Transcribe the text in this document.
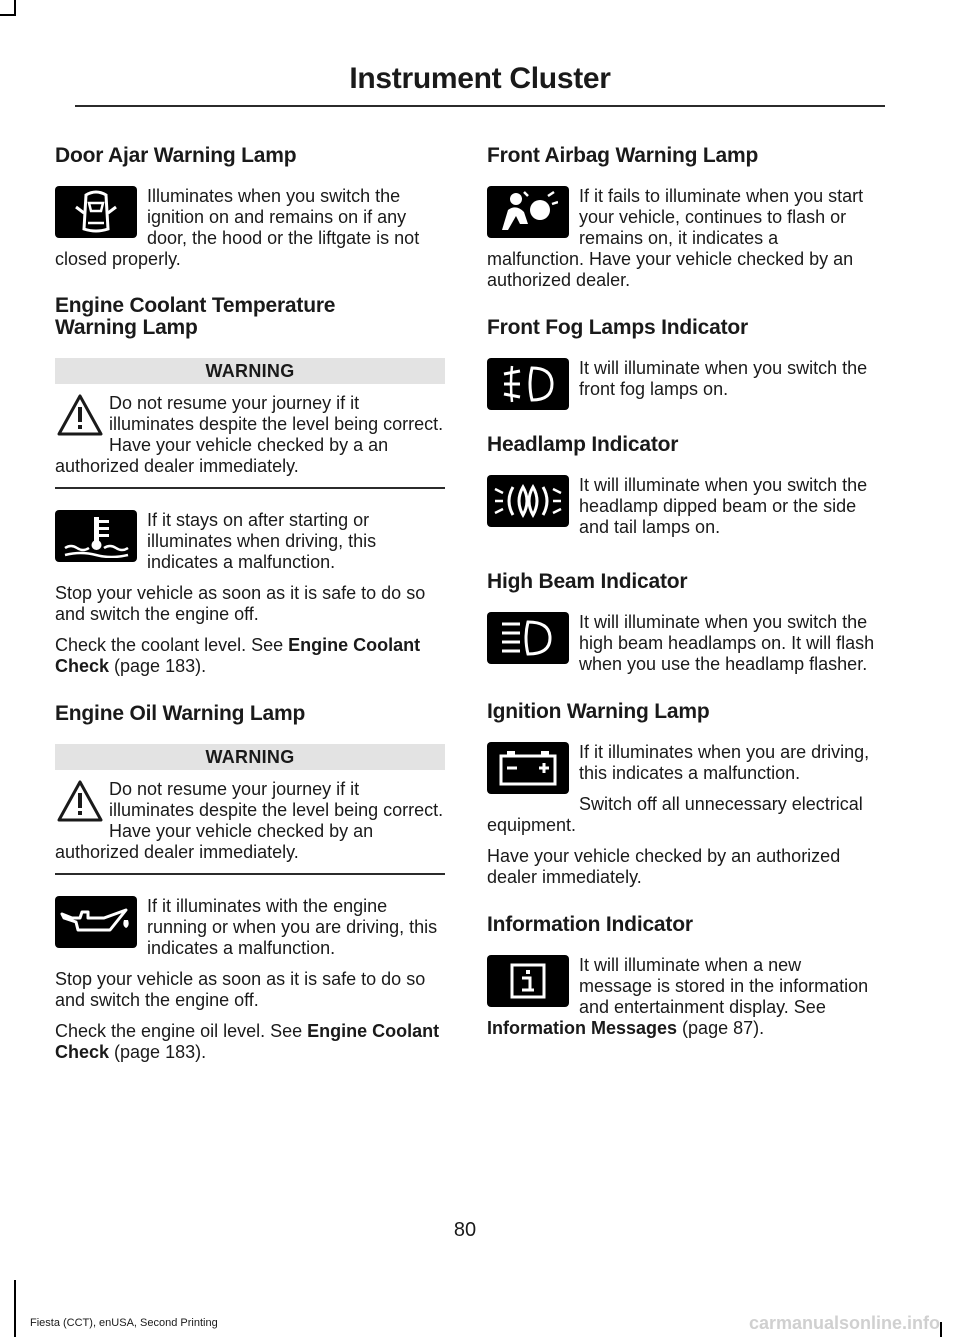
Instrument Cluster
Door Ajar Warning Lamp

Illuminates when you switch the ignition on and remains on if any door, the hood or the liftgate is not closed properly.

Engine Coolant Temperature
Warning Lamp
WARNING

Do not resume your journey if it illuminates despite the level being correct. Have your vehicle checked by a an authorized dealer immediately.

If it stays on after starting or illuminates when driving, this indicates a malfunction.

Stop your vehicle as soon as it is safe to do so and switch the engine off.

Check the coolant level. See Engine Coolant Check (page 183).

Engine Oil Warning Lamp
WARNING

Do not resume your journey if it illuminates despite the level being correct. Have your vehicle checked by an authorized dealer immediately.

If it illuminates with the engine running or when you are driving, this indicates a malfunction.

Stop your vehicle as soon as it is safe to do so and switch the engine off.

Check the engine oil level. See Engine Coolant Check (page 183).

Front Airbag Warning Lamp

If it fails to illuminate when you start your vehicle, continues to flash or remains on, it indicates a malfunction. Have your vehicle checked by an authorized dealer.

Front Fog Lamps Indicator

It will illuminate when you switch the front fog lamps on.

Headlamp Indicator

It will illuminate when you switch the headlamp dipped beam or the side and tail lamps on.

High Beam Indicator

It will illuminate when you switch the high beam headlamps on. It will flash when you use the headlamp flasher.

Ignition Warning Lamp

If it illuminates when you are driving, this indicates a malfunction.

Switch off all unnecessary electrical equipment.

Have your vehicle checked by an authorized dealer immediately.

Information Indicator

It will illuminate when a new message is stored in the information and entertainment display. See Information Messages (page 87).

80
Fiesta (CCT), enUSA, Second Printing	carmanualsonline.info
